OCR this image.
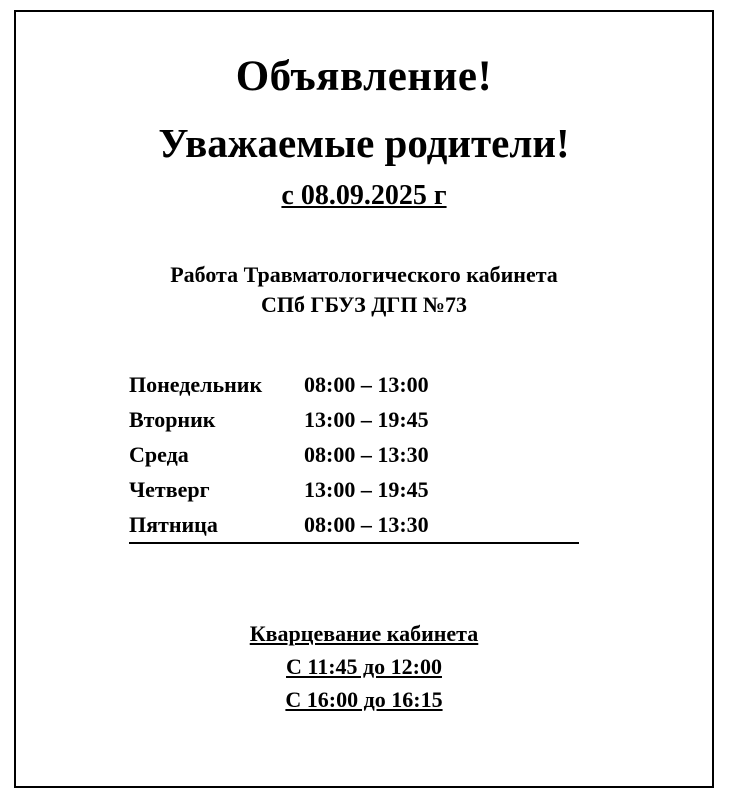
Объявление!
Уважаемые родители!
с 08.09.2025 г
Работа Травматологического кабинета
СПб ГБУЗ ДГП №73
Понедельник	08:00 – 13:00
Вторник	13:00 – 19:45
Среда	08:00 – 13:30
Четверг	13:00 – 19:45
Пятница	08:00 – 13:30
Кварцевание кабинета
С 11:45 до 12:00
С 16:00 до 16:15
